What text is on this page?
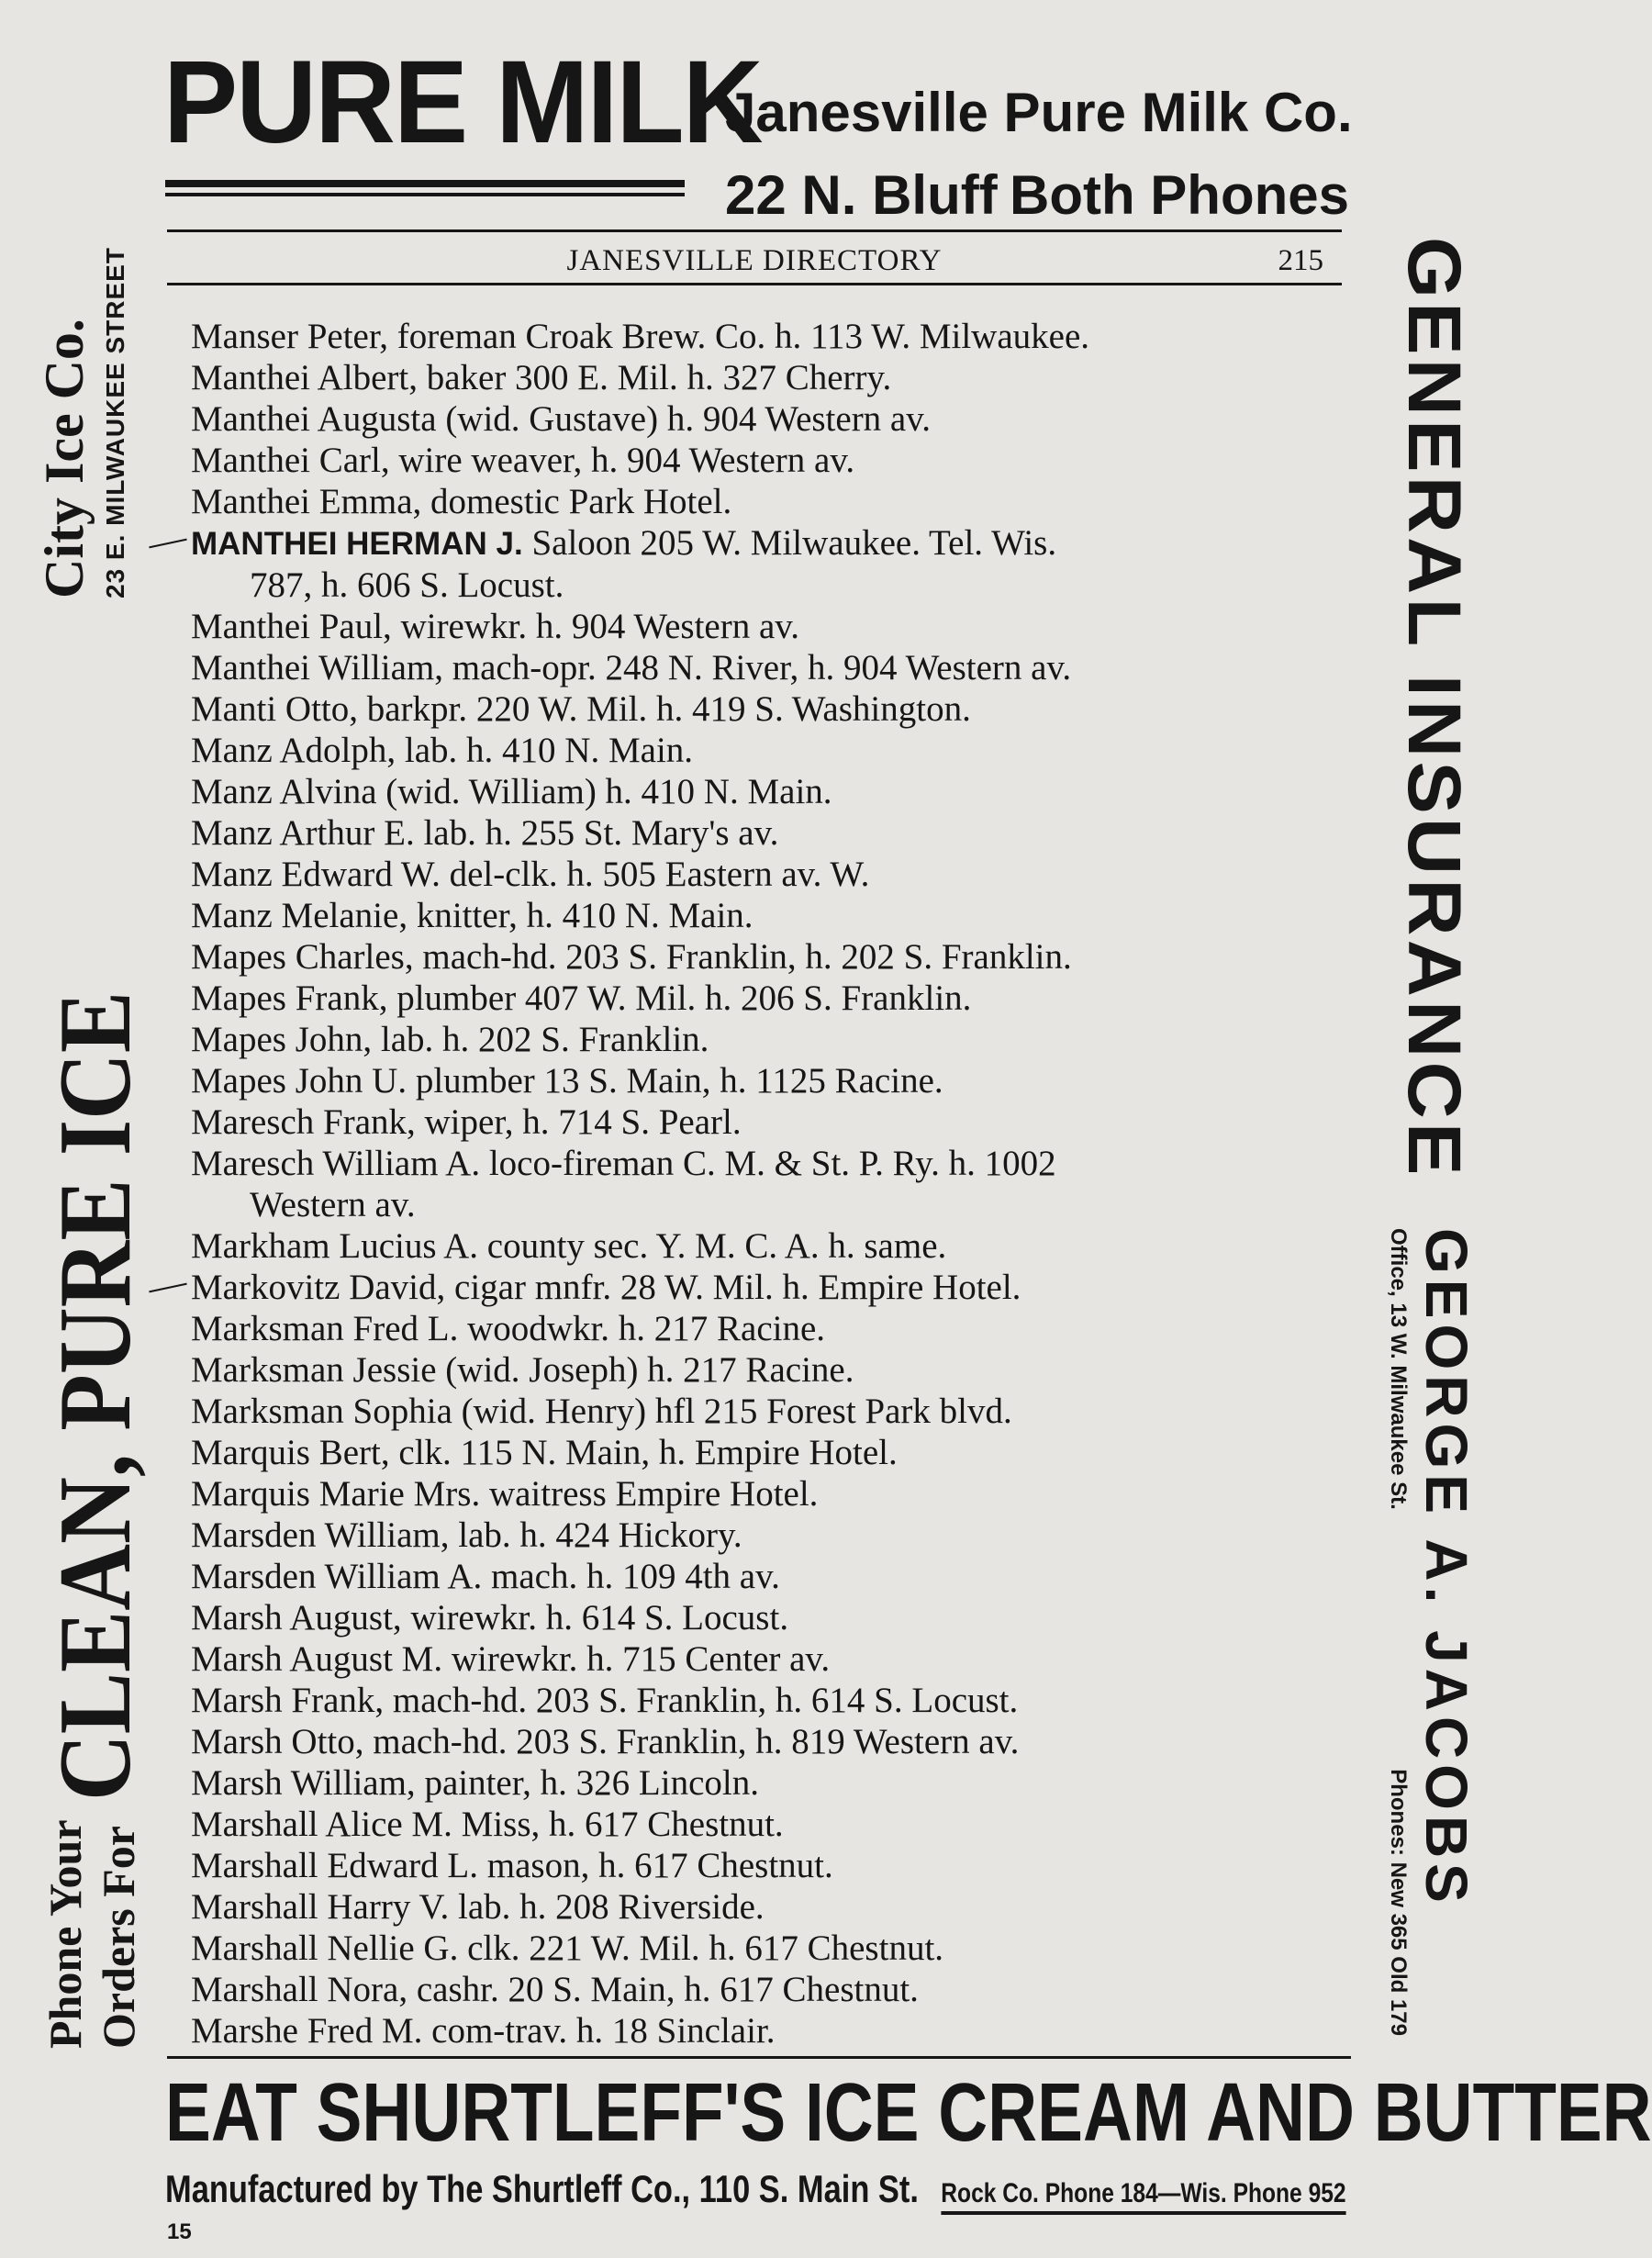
PURE MILK
Janesville Pure Milk Co.
22 N. Bluff Both Phones
JANESVILLE DIRECTORY	215
Manser Peter, foreman Croak Brew. Co. h. 113 W. Milwaukee.
Manthei Albert, baker 300 E. Mil. h. 327 Cherry.
Manthei Augusta (wid. Gustave) h. 904 Western av.
Manthei Carl, wire weaver, h. 904 Western av.
Manthei Emma, domestic Park Hotel.
MANTHEI HERMAN J. Saloon 205 W. Milwaukee. Tel. Wis.
787, h. 606 S. Locust.
Manthei Paul, wirewkr. h. 904 Western av.
Manthei William, mach-opr. 248 N. River, h. 904 Western av.
Manti Otto, barkpr. 220 W. Mil. h. 419 S. Washington.
Manz Adolph, lab. h. 410 N. Main.
Manz Alvina (wid. William) h. 410 N. Main.
Manz Arthur E. lab. h. 255 St. Mary's av.
Manz Edward W. del-clk. h. 505 Eastern av. W.
Manz Melanie, knitter, h. 410 N. Main.
Mapes Charles, mach-hd. 203 S. Franklin, h. 202 S. Franklin.
Mapes Frank, plumber 407 W. Mil. h. 206 S. Franklin.
Mapes John, lab. h. 202 S. Franklin.
Mapes John U. plumber 13 S. Main, h. 1125 Racine.
Maresch Frank, wiper, h. 714 S. Pearl.
Maresch William A. loco-fireman C. M. & St. P. Ry. h. 1002
Western av.
Markham Lucius A. county sec. Y. M. C. A. h. same.
Markovitz David, cigar mnfr. 28 W. Mil. h. Empire Hotel.
Marksman Fred L. woodwkr. h. 217 Racine.
Marksman Jessie (wid. Joseph) h. 217 Racine.
Marksman Sophia (wid. Henry) hfl 215 Forest Park blvd.
Marquis Bert, clk. 115 N. Main, h. Empire Hotel.
Marquis Marie Mrs. waitress Empire Hotel.
Marsden William, lab. h. 424 Hickory.
Marsden William A. mach. h. 109 4th av.
Marsh August, wirewkr. h. 614 S. Locust.
Marsh August M. wirewkr. h. 715 Center av.
Marsh Frank, mach-hd. 203 S. Franklin, h. 614 S. Locust.
Marsh Otto, mach-hd. 203 S. Franklin, h. 819 Western av.
Marsh William, painter, h. 326 Lincoln.
Marshall Alice M. Miss, h. 617 Chestnut.
Marshall Edward L. mason, h. 617 Chestnut.
Marshall Harry V. lab. h. 208 Riverside.
Marshall Nellie G. clk. 221 W. Mil. h. 617 Chestnut.
Marshall Nora, cashr. 20 S. Main, h. 617 Chestnut.
Marshe Fred M. com-trav. h. 18 Sinclair.
EAT SHURTLEFF'S ICE CREAM AND BUTTER
Manufactured by The Shurtleff Co., 110 S. Main St. Rock Co. Phone 184—Wis. Phone 952
15
Phone Your Orders For
CLEAN, PURE ICE
City Ice Co. 23 E. MILWAUKEE STREET	GENERAL INSURANCE
GEORGE A. JACOBS
Office, 13 W. Milwaukee St.
Phones: New 365 Old 179
